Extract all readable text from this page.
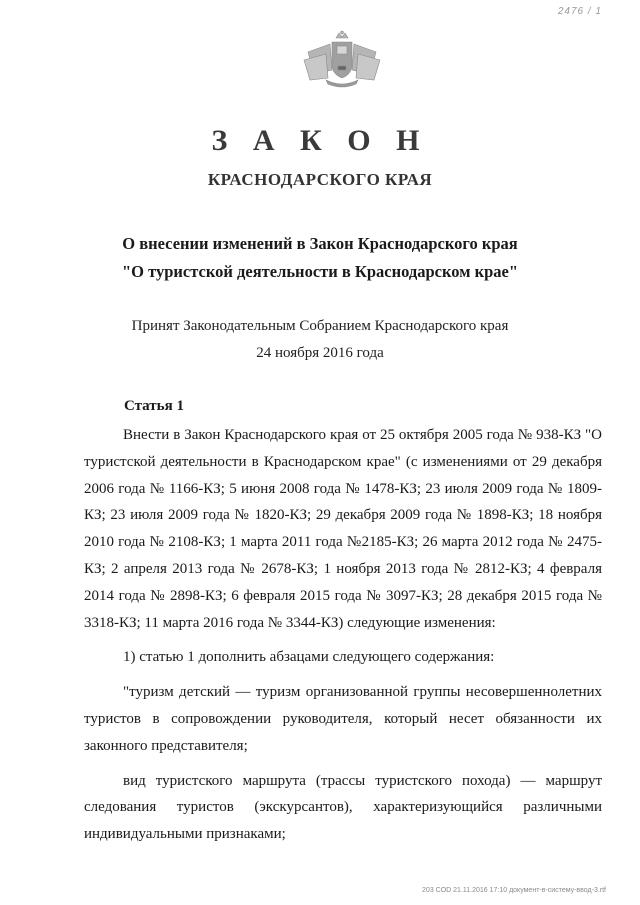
2476 / 1
З А К О Н
КРАСНОДАРСКОГО КРАЯ
О внесении изменений в Закон Краснодарского края
"О туристской деятельности в Краснодарском крае"
Принят Законодательным Собранием Краснодарского края
24 ноября 2016 года
Статья 1

Внести в Закон Краснодарского края от 25 октября 2005 года № 938-КЗ "О туристской деятельности в Краснодарском крае" (с изменениями от 29 декабря 2006 года № 1166-КЗ; 5 июня 2008 года № 1478-КЗ; 23 июля 2009 года № 1809-КЗ; 23 июля 2009 года № 1820-КЗ; 29 декабря 2009 года № 1898-КЗ; 18 ноября 2010 года № 2108-КЗ; 1 марта 2011 года №2185-КЗ; 26 марта 2012 года № 2475-КЗ; 2 апреля 2013 года № 2678-КЗ; 1 ноября 2013 года № 2812-КЗ; 4 февраля 2014 года № 2898-КЗ; 6 февраля 2015 года № 3097-КЗ; 28 декабря 2015 года № 3318-КЗ; 11 марта 2016 года № 3344-КЗ) следующие изменения:

1) статью 1 дополнить абзацами следующего содержания:

"туризм детский — туризм организованной группы несовершеннолетних туристов в сопровождении руководителя, который несет обязанности их законного представителя;

вид туристского маршрута (трассы туристского похода) — маршрут следования туристов (экскурсантов), характеризующийся различными индивидуальными признаками;

203 COD 21.11.2016 17:10 документ-в-систему-ввод-3.rtf
